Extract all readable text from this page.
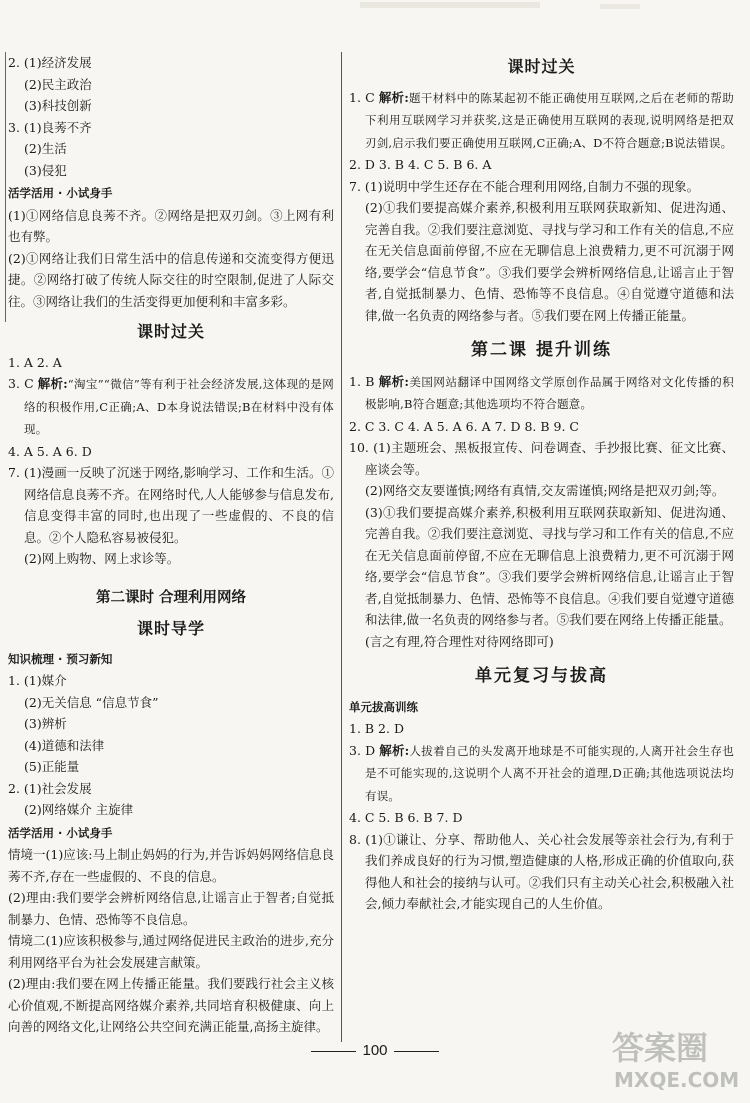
2. (1)经济发展

(2)民主政治

(3)科技创新

3. (1)良莠不齐

(2)生活

(3)侵犯

活学活用 · 小试身手

(1)①网络信息良莠不齐。②网络是把双刃剑。③上网有利也有弊。

(2)①网络让我们日常生活中的信息传递和交流变得方便迅捷。②网络打破了传统人际交往的时空限制,促进了人际交往。③网络让我们的生活变得更加便利和丰富多彩。

课时过关

1. A 2. A

3. C 解析:“淘宝”“微信”等有利于社会经济发展,这体现的是网络的积极作用,C正确;A、D本身说法错误;B在材料中没有体现。

4. A 5. A 6. D

7. (1)漫画一反映了沉迷于网络,影响学习、工作和生活。①网络信息良莠不齐。在网络时代,人人能够参与信息发布,信息变得丰富的同时,也出现了一些虚假的、不良的信息。②个人隐私容易被侵犯。

(2)网上购物、网上求诊等。

第二课时 合理利用网络
课时导学
知识梳理 · 预习新知

1. (1)媒介

(2)无关信息 “信息节食”

(3)辨析

(4)道德和法律

(5)正能量

2. (1)社会发展

(2)网络媒介 主旋律

活学活用 · 小试身手

情境一(1)应该:马上制止妈妈的行为,并告诉妈妈网络信息良莠不齐,存在一些虚假的、不良的信息。

(2)理由:我们要学会辨析网络信息,让谣言止于智者;自觉抵制暴力、色情、恐怖等不良信息。

情境二(1)应该积极参与,通过网络促进民主政治的进步,充分利用网络平台为社会发展建言献策。

(2)理由:我们要在网上传播正能量。我们要践行社会主义核心价值观,不断提高网络媒介素养,共同培育积极健康、向上向善的网络文化,让网络公共空间充满正能量,高扬主旋律。

课时过关

1. C 解析:题干材料中的陈某起初不能正确使用互联网,之后在老师的帮助下利用互联网学习并获奖,这是正确使用互联网的表现,说明网络是把双刃剑,启示我们要正确使用互联网,C正确;A、D不符合题意;B说法错误。

2. D 3. B 4. C 5. B 6. A

7. (1)说明中学生还存在不能合理利用网络,自制力不强的现象。

(2)①我们要提高媒介素养,积极利用互联网获取新知、促进沟通、完善自我。②我们要注意浏览、寻找与学习和工作有关的信息,不应在无关信息面前停留,不应在无聊信息上浪费精力,更不可沉溺于网络,要学会“信息节食”。③我们要学会辨析网络信息,让谣言止于智者,自觉抵制暴力、色情、恐怖等不良信息。④自觉遵守道德和法律,做一名负责的网络参与者。⑤我们要在网上传播正能量。

第二课 提升训练

1. B 解析:美国网站翻译中国网络文学原创作品属于网络对文化传播的积极影响,B符合题意;其他选项均不符合题意。

2. C 3. C 4. A 5. A 6. A 7. D 8. B 9. C

10. (1)主题班会、黑板报宣传、问卷调查、手抄报比赛、征文比赛、座谈会等。

(2)网络交友要谨慎;网络有真情,交友需谨慎;网络是把双刃剑;等。

(3)①我们要提高媒介素养,积极利用互联网获取新知、促进沟通、完善自我。②我们要注意浏览、寻找与学习和工作有关的信息,不应在无关信息面前停留,不应在无聊信息上浪费精力,更不可沉溺于网络,要学会“信息节食”。③我们要学会辨析网络信息,让谣言止于智者,自觉抵制暴力、色情、恐怖等不良信息。④我们要自觉遵守道德和法律,做一名负责的网络参与者。⑤我们要在网络上传播正能量。

(言之有理,符合理性对待网络即可)

单元复习与拔高
单元拔高训练

1. B 2. D

3. D 解析:人拔着自己的头发离开地球是不可能实现的,人离开社会生存也是不可能实现的,这说明个人离不开社会的道理,D正确;其他选项说法均有误。

4. C 5. B 6. B 7. D

8. (1)①谦让、分享、帮助他人、关心社会发展等亲社会行为,有利于我们养成良好的行为习惯,塑造健康的人格,形成正确的价值取向,获得他人和社会的接纳与认可。②我们只有主动关心社会,积极融入社会,倾力奉献社会,才能实现自己的人生价值。

100	答案圈
MXQE.COM
